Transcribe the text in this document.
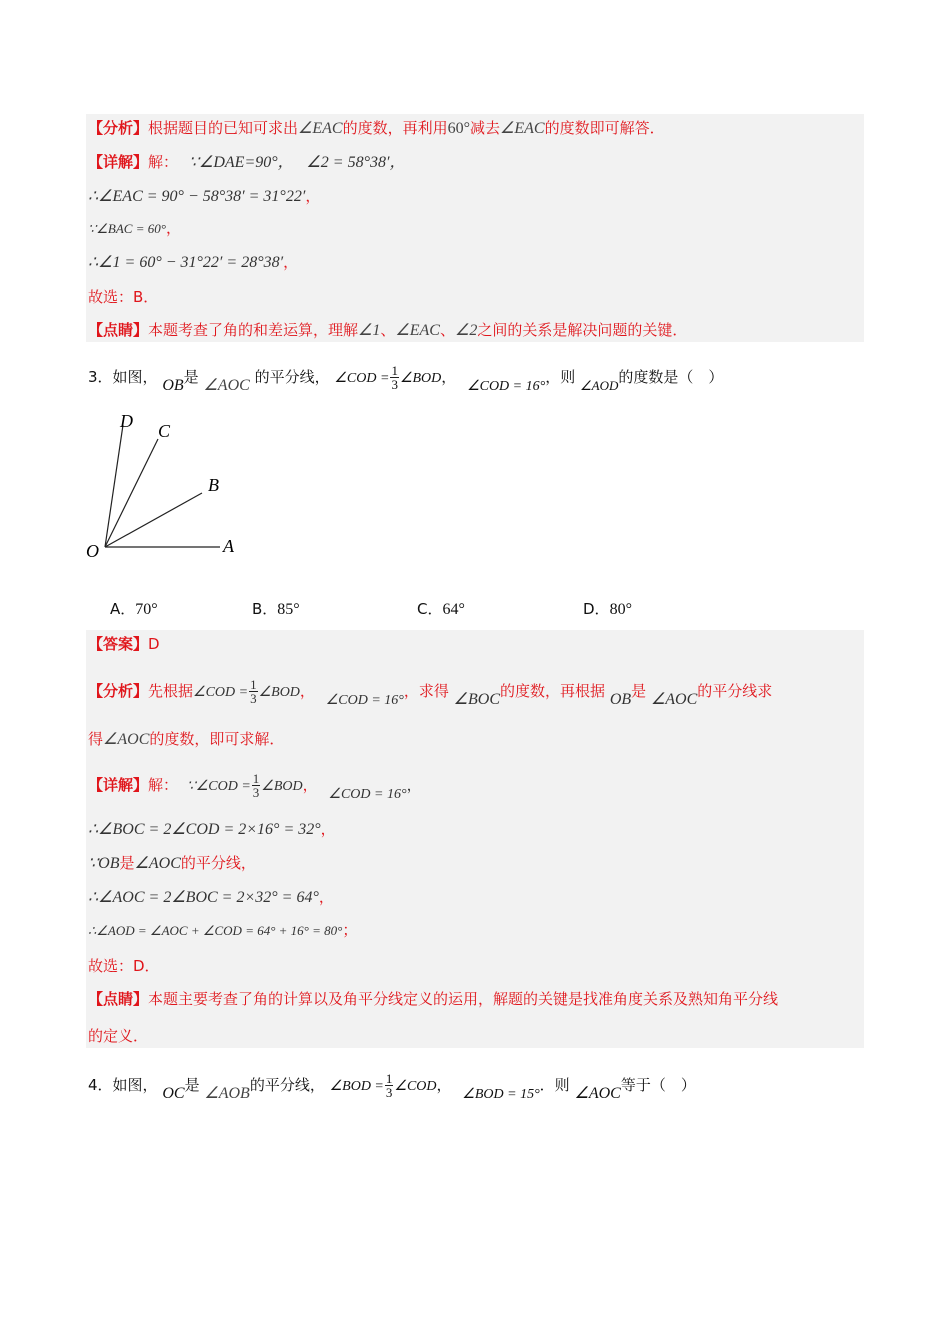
【分析】根据题目的已知可求出∠EAC的度数，再利用60°减去∠EAC的度数即可解答．
【详解】解： ∵∠DAE=90°， ∠2 = 58°38′，
∴∠EAC = 90° − 58°38′ = 31°22′，
∵∠BAC = 60°，
∴∠1 = 60° − 31°22′ = 28°38′，
故选：B．
【点睛】本题考查了角的和差运算，理解∠1、∠EAC、∠2之间的关系是解决问题的关键．
3．如图， OB是 ∠AOC 的平分线， ∠COD = $\frac{1}{3}$ ∠BOD， ∠COD = 16°，则 ∠AOD的度数是（　）
D C
B
O	A
A．70°	B．85°	C．64°	D．80°
【答案】D
【分析】先根据∠COD = $\frac{1}{3}$ ∠BOD， ∠COD = 16°，求得 ∠BOC的度数，再根据 OB是 ∠AOC的平分线求
得∠AOC的度数，即可求解．
【详解】解： ∵∠COD = $\frac{1}{3}$ ∠BOD， ∠COD = 16°，
∴∠BOC = 2∠COD = 2×16° = 32°，
∵OB是∠AOC的平分线，
∴∠AOC = 2∠BOC = 2×32° = 64°，
∴∠AOD = ∠AOC + ∠COD = 64° + 16° = 80°；
故选：D．
【点睛】本题主要考查了角的计算以及角平分线定义的运用，解题的关键是找准角度关系及熟知角平分线
的定义．
4．如图， OC是 ∠AOB的平分线， ∠BOD = $\frac{1}{3}$ ∠COD， ∠BOD = 15°．则 ∠AOC等于（　）
